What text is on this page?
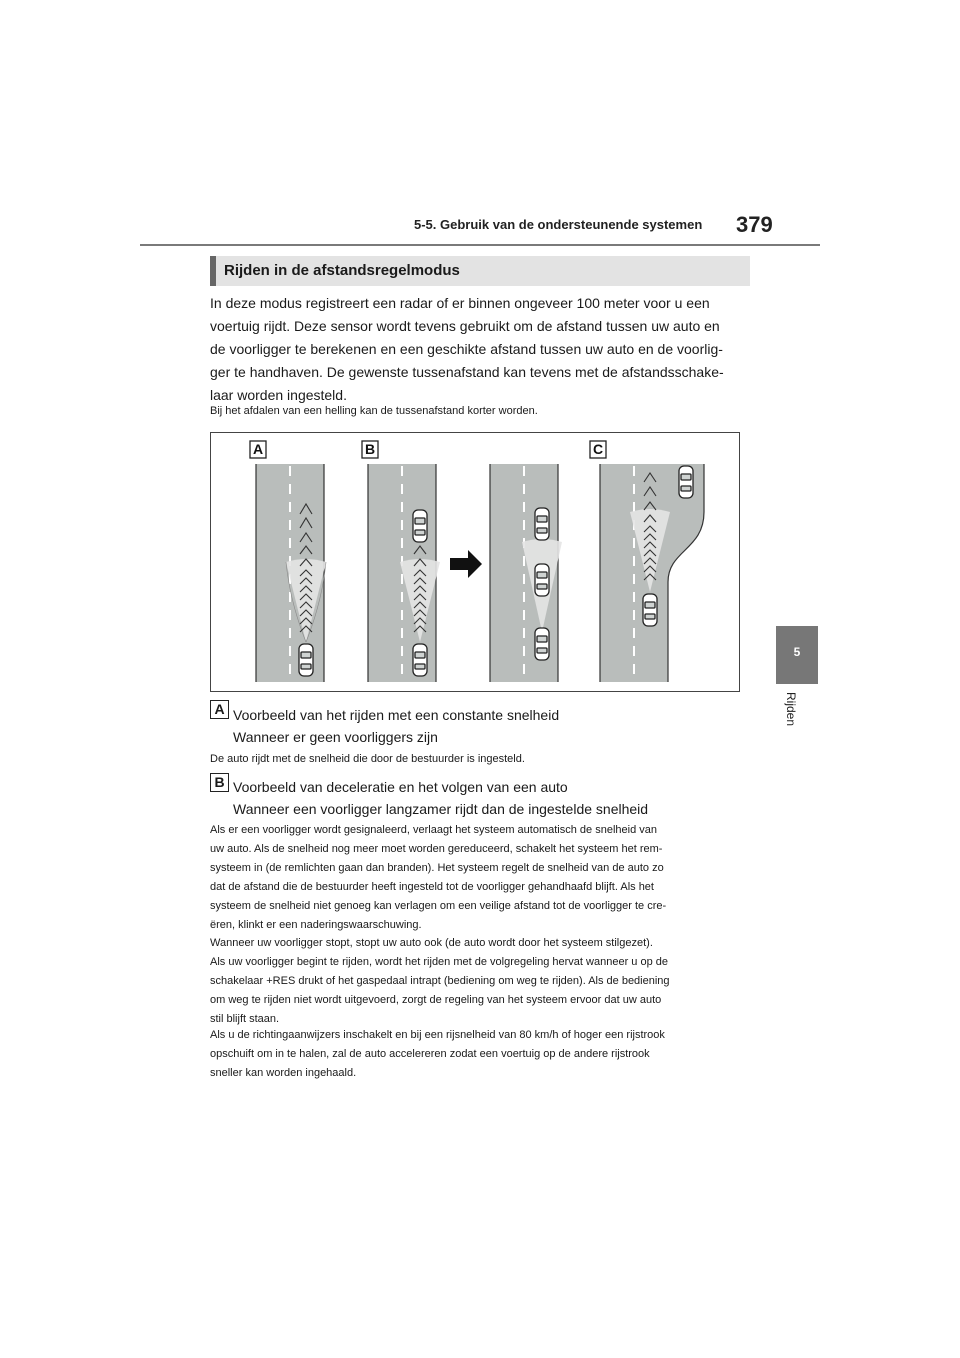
5-5. Gebruik van de ondersteunende systemen 379
5
Rijden
Rijden in de afstandsregelmodus
In deze modus registreert een radar of er binnen ongeveer 100 meter voor u een
voertuig rijdt. Deze sensor wordt tevens gebruikt om de afstand tussen uw auto en
de voorligger te berekenen en een geschikte afstand tussen uw auto en de voorlig-
ger te handhaven. De gewenste tussenafstand kan tevens met de afstandsschake-
laar worden ingesteld.
Bij het afdalen van een helling kan de tussenafstand korter worden.
A	B	C
A Voorbeeld van het rijden met een constante snelheid
Wanneer er geen voorliggers zijn
De auto rijdt met de snelheid die door de bestuurder is ingesteld.
B Voorbeeld van deceleratie en het volgen van een auto
Wanneer een voorligger langzamer rijdt dan de ingestelde snelheid
Als er een voorligger wordt gesignaleerd, verlaagt het systeem automatisch de snelheid van
uw auto. Als de snelheid nog meer moet worden gereduceerd, schakelt het systeem het rem-
systeem in (de remlichten gaan dan branden). Het systeem regelt de snelheid van de auto zo
dat de afstand die de bestuurder heeft ingesteld tot de voorligger gehandhaafd blijft. Als het
systeem de snelheid niet genoeg kan verlagen om een veilige afstand tot de voorligger te cre-
ëren, klinkt er een naderingswaarschuwing.
Wanneer uw voorligger stopt, stopt uw auto ook (de auto wordt door het systeem stilgezet).
Als uw voorligger begint te rijden, wordt het rijden met de volgregeling hervat wanneer u op de
schakelaar +RES drukt of het gaspedaal intrapt (bediening om weg te rijden). Als de bediening
om weg te rijden niet wordt uitgevoerd, zorgt de regeling van het systeem ervoor dat uw auto
stil blijft staan.
Als u de richtingaanwijzers inschakelt en bij een rijsnelheid van 80 km/h of hoger een rijstrook
opschuift om in te halen, zal de auto accelereren zodat een voertuig op de andere rijstrook
sneller kan worden ingehaald.
